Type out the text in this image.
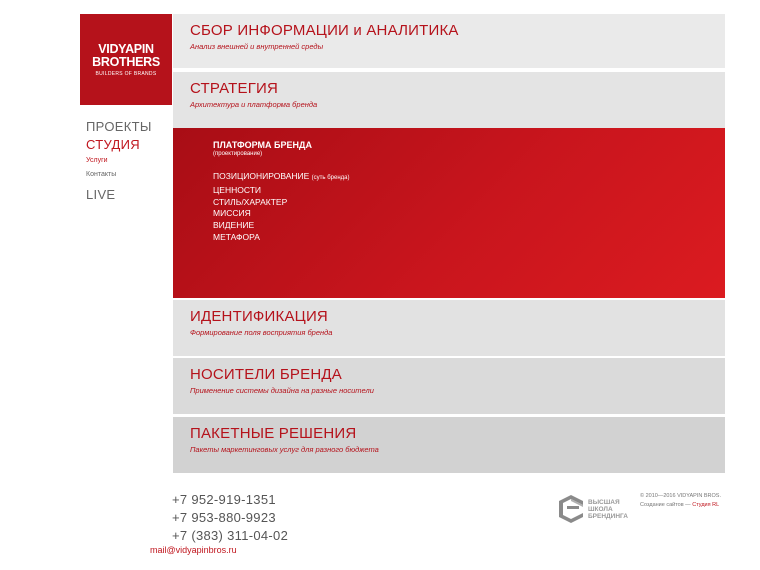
VIDYAPIN
BROTHERS
BUILDERS OF BRANDS
ПРОЕКТЫ
СТУДИЯ
Услуги
Контакты
LIVE
СБОР ИНФОРМАЦИИ и АНАЛИТИКА
Анализ внешней и внутренней среды
СТРАТЕГИЯ
Архитектура и платформа бренда
ПЛАТФОРМА БРЕНДА
(проектирование)
ПОЗИЦИОНИРОВАНИЕ (суть бренда)
ЦЕННОСТИ
СТИЛЬ/ХАРАКТЕР
МИССИЯ
ВИДЕНИЕ
МЕТАФОРА
ИДЕНТИФИКАЦИЯ
Формирование поля восприятия бренда
НОСИТЕЛИ БРЕНДА
Применение системы дизайна на разные носители
ПАКЕТНЫЕ РЕШЕНИЯ
Пакеты маркетинговых услуг для разного бюджета
+7 952-919-1351
+7 953-880-9923
+7 (383) 311-04-02
mail@vidyapinbros.ru
ВЫСШАЯ
ШКОЛА
БРЕНДИНГА
© 2010—2016 VIDYAPIN BROS.
Создание сайтов — Студия RL
